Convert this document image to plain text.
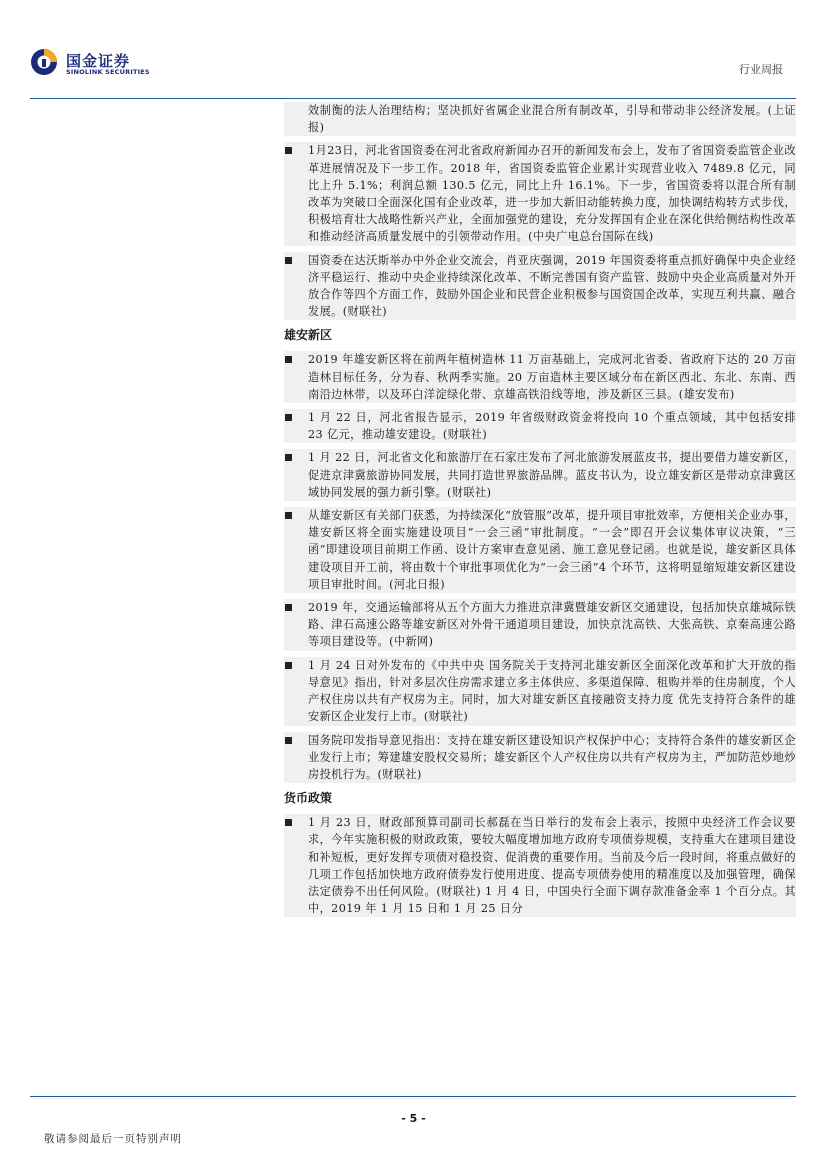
国金证券
SINOLINK SECURITIES	行业周报
效制衡的法人治理结构；坚决抓好省属企业混合所有制改革，引导和带动非公经济发展。(上证报)
1月23日，河北省国资委在河北省政府新闻办召开的新闻发布会上，发布了省国资委监管企业改革进展情况及下一步工作。2018 年，省国资委监管企业累计实现营业收入 7489.8 亿元，同比上升 5.1%；利润总额 130.5 亿元，同比上升 16.1%。下一步，省国资委将以混合所有制改革为突破口全面深化国有企业改革，进一步加大新旧动能转换力度，加快调结构转方式步伐，积极培育壮大战略性新兴产业，全面加强党的建设，充分发挥国有企业在深化供给侧结构性改革和推动经济高质量发展中的引领带动作用。(中央广电总台国际在线)
国资委在达沃斯举办中外企业交流会，肖亚庆强调，2019 年国资委将重点抓好确保中央企业经济平稳运行、推动中央企业持续深化改革、不断完善国有资产监管、鼓励中央企业高质量对外开放合作等四个方面工作，鼓励外国企业和民营企业积极参与国资国企改革，实现互利共赢、融合发展。(财联社)
雄安新区
2019 年雄安新区将在前两年植树造林 11 万亩基础上，完成河北省委、省政府下达的 20 万亩造林目标任务，分为春、秋两季实施。20 万亩造林主要区域分布在新区西北、东北、东南、西南沿边林带，以及环白洋淀绿化带、京雄高铁沿线等地，涉及新区三县。(雄安发布)
1 月 22 日，河北省报告显示，2019 年省级财政资金将投向 10 个重点领域，其中包括安排 23 亿元，推动雄安建设。(财联社)
1 月 22 日，河北省文化和旅游厅在石家庄发布了河北旅游发展蓝皮书，提出要借力雄安新区，促进京津冀旅游协同发展，共同打造世界旅游品牌。蓝皮书认为，设立雄安新区是带动京津冀区域协同发展的强力新引擎。(财联社)
从雄安新区有关部门获悉，为持续深化“放管服”改革，提升项目审批效率，方便相关企业办事，雄安新区将全面实施建设项目“一会三函”审批制度。“一会”即召开会议集体审议决策，“三函”即建设项目前期工作函、设计方案审查意见函、施工意见登记函。也就是说，雄安新区具体建设项目开工前，将由数十个审批事项优化为“一会三函”4 个环节，这将明显缩短雄安新区建设项目审批时间。(河北日报)
2019 年，交通运输部将从五个方面大力推进京津冀暨雄安新区交通建设，包括加快京雄城际铁路、津石高速公路等雄安新区对外骨干通道项目建设，加快京沈高铁、大张高铁、京秦高速公路等项目建设等。(中新网)
1 月 24 日对外发布的《中共中央 国务院关于支持河北雄安新区全面深化改革和扩大开放的指导意见》指出，针对多层次住房需求建立多主体供应、多渠道保障、租购并举的住房制度，个人产权住房以共有产权房为主。同时，加大对雄安新区直接融资支持力度 优先支持符合条件的雄安新区企业发行上市。(财联社)
国务院印发指导意见指出：支持在雄安新区建设知识产权保护中心；支持符合条件的雄安新区企业发行上市；筹建雄安股权交易所；雄安新区个人产权住房以共有产权房为主，严加防范炒地炒房投机行为。(财联社)
货币政策
1 月 23 日，财政部预算司副司长郝磊在当日举行的发布会上表示，按照中央经济工作会议要求，今年实施积极的财政政策，要较大幅度增加地方政府专项债券规模，支持重大在建项目建设和补短板，更好发挥专项债对稳投资、促消费的重要作用。当前及今后一段时间，将重点做好的几项工作包括加快地方政府债券发行使用进度、提高专项债券使用的精准度以及加强管理，确保法定债券不出任何风险。(财联社) 1 月 4 日，中国央行全面下调存款准备金率 1 个百分点。其中，2019 年 1 月 15 日和 1 月 25 日分
- 5 -
敬请参阅最后一页特别声明
